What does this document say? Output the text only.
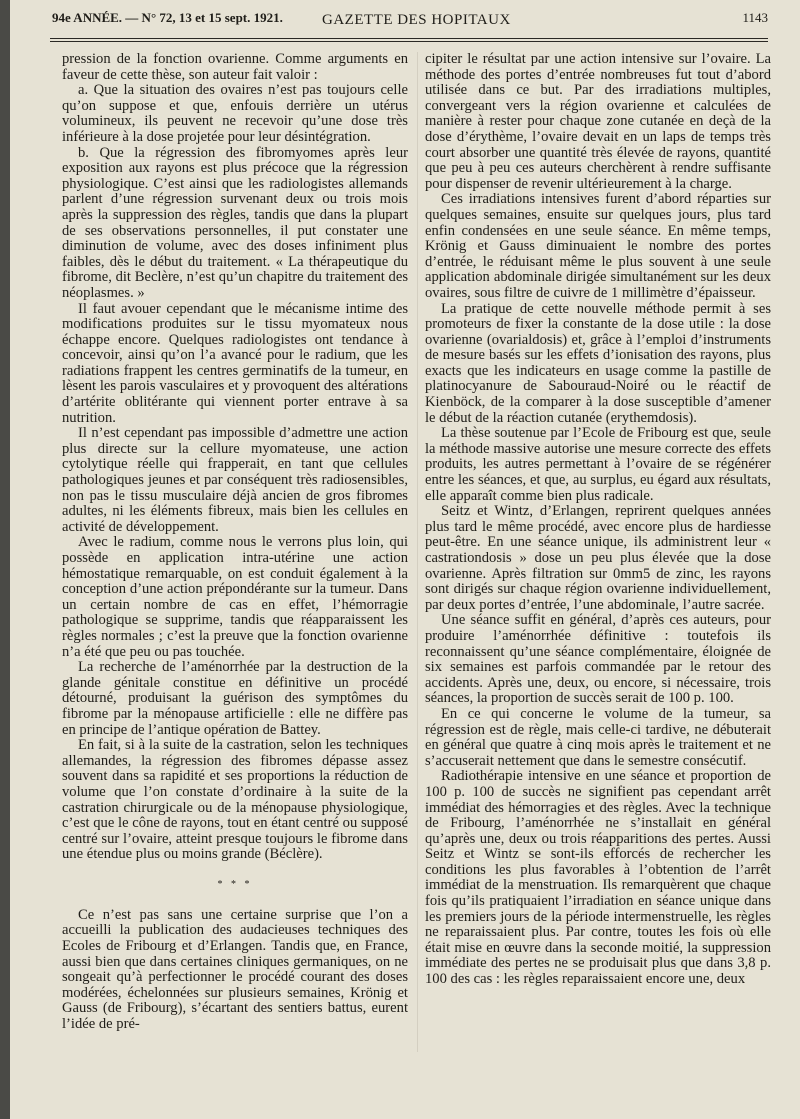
94e ANNÉE. — N° 72, 13 et 15 sept. 1921.	GAZETTE DES HOPITAUX	1143

pression de la fonction ovarienne. Comme arguments en faveur de cette thèse, son auteur fait valoir :

a. Que la situation des ovaires n’est pas toujours celle qu’on suppose et que, enfouis derrière un utérus volumineux, ils peuvent ne recevoir qu’une dose très inférieure à la dose projetée pour leur désintégration.

b. Que la régression des fibromyomes après leur exposition aux rayons est plus précoce que la régression physiologique. C’est ainsi que les radiologistes allemands parlent d’une régression survenant deux ou trois mois après la suppression des règles, tandis que dans la plupart de ses observations personnelles, il put constater une diminution de volume, avec des doses infiniment plus faibles, dès le début du traitement. « La thérapeutique du fibrome, dit Beclère, n’est qu’un chapitre du traitement des néoplasmes. »

Il faut avouer cependant que le mécanisme intime des modifications produites sur le tissu myomateux nous échappe encore. Quelques radiologistes ont tendance à concevoir, ainsi qu’on l’a avancé pour le radium, que les radiations frappent les centres germinatifs de la tumeur, en lèsent les parois vasculaires et y provoquent des altérations d’artérite oblitérante qui viennent porter entrave à sa nutrition.

Il n’est cependant pas impossible d’admettre une action plus directe sur la cellure myomateuse, une action cytolytique réelle qui frapperait, en tant que cellules pathologiques jeunes et par conséquent très radiosensibles, non pas le tissu musculaire déjà ancien de gros fibromes adultes, ni les éléments fibreux, mais bien les cellules en activité de développement.

Avec le radium, comme nous le verrons plus loin, qui possède en application intra-utérine une action hémostatique remarquable, on est conduit également à la conception d’une action prépondérante sur la tumeur. Dans un certain nombre de cas en effet, l’hémorragie pathologique se supprime, tandis que réapparaissent les règles normales ; c’est la preuve que la fonction ovarienne n’a été que peu ou pas touchée.

La recherche de l’aménorrhée par la destruction de la glande génitale constitue en définitive un procédé détourné, produisant la guérison des symptômes du fibrome par la ménopause artificielle : elle ne diffère pas en principe de l’antique opération de Battey.

En fait, si à la suite de la castration, selon les techniques allemandes, la régression des fibromes dépasse assez souvent dans sa rapidité et ses proportions la réduction de volume que l’on constate d’ordinaire à la suite de la castration chirurgicale ou de la ménopause physiologique, c’est que le cône de rayons, tout en étant centré ou supposé centré sur l’ovaire, atteint presque toujours le fibrome dans une étendue plus ou moins grande (Béclère).

* * *

Ce n’est pas sans une certaine surprise que l’on a accueilli la publication des audacieuses techniques des Ecoles de Fribourg et d’Erlangen. Tandis que, en France, aussi bien que dans certaines cliniques germaniques, on ne songeait qu’à perfectionner le procédé courant des doses modérées, échelonnées sur plusieurs semaines, Krönig et Gauss (de Fribourg), s’écartant des sentiers battus, eurent l’idée de pré-

cipiter le résultat par une action intensive sur l’ovaire. La méthode des portes d’entrée nombreuses fut tout d’abord utilisée dans ce but. Par des irradiations multiples, convergeant vers la région ovarienne et calculées de manière à rester pour chaque zone cutanée en deçà de la dose d’érythème, l’ovaire devait en un laps de temps très court absorber une quantité très élevée de rayons, quantité que peu à peu ces auteurs cherchèrent à rendre suffisante pour dispenser de revenir ultérieurement à la charge.

Ces irradiations intensives furent d’abord réparties sur quelques semaines, ensuite sur quelques jours, plus tard enfin condensées en une seule séance. En même temps, Krönig et Gauss diminuaient le nombre des portes d’entrée, le réduisant même le plus souvent à une seule application abdominale dirigée simultanément sur les deux ovaires, sous filtre de cuivre de 1 millimètre d’épaisseur.

La pratique de cette nouvelle méthode permit à ses promoteurs de fixer la constante de la dose utile : la dose ovarienne (ovarialdosis) et, grâce à l’emploi d’instruments de mesure basés sur les effets d’ionisation des rayons, plus exacts que les indicateurs en usage comme la pastille de platinocyanure de Sabouraud-Noiré ou le réactif de Kienböck, de la comparer à la dose susceptible d’amener le début de la réaction cutanée (erythemdosis).

La thèse soutenue par l’Ecole de Fribourg est que, seule la méthode massive autorise une mesure correcte des effets produits, les autres permettant à l’ovaire de se régénérer entre les séances, et que, au surplus, eu égard aux résultats, elle apparaît comme bien plus radicale.

Seitz et Wintz, d’Erlangen, reprirent quelques années plus tard le même procédé, avec encore plus de hardiesse peut-être. En une séance unique, ils administrent leur « castrationdosis » dose un peu plus élevée que la dose ovarienne. Après filtration sur 0mm5 de zinc, les rayons sont dirigés sur chaque région ovarienne individuellement, par deux portes d’entrée, l’une abdominale, l’autre sacrée.

Une séance suffit en général, d’après ces auteurs, pour produire l’aménorrhée définitive : toutefois ils reconnaissent qu’une séance complémentaire, éloignée de six semaines est parfois commandée par le retour des accidents. Après une, deux, ou encore, si nécessaire, trois séances, la proportion de succès serait de 100 p. 100.

En ce qui concerne le volume de la tumeur, sa régression est de règle, mais celle-ci tardive, ne débuterait en général que quatre à cinq mois après le traitement et ne s’accuserait nettement que dans le semestre consécutif.

Radiothérapie intensive en une séance et proportion de 100 p. 100 de succès ne signifient pas cependant arrêt immédiat des hémorragies et des règles. Avec la technique de Fribourg, l’aménorrhée ne s’installait en général qu’après une, deux ou trois réapparitions des pertes. Aussi Seitz et Wintz se sont-ils efforcés de rechercher les conditions les plus favorables à l’obtention de l’arrêt immédiat de la menstruation. Ils remarquèrent que chaque fois qu’ils pratiquaient l’irradiation en séance unique dans les premiers jours de la période intermenstruelle, les règles ne reparaissaient plus. Par contre, toutes les fois où elle était mise en œuvre dans la seconde moitié, la suppression immédiate des pertes ne se produisait plus que dans 3,8 p. 100 des cas : les règles reparaissaient encore une, deux
